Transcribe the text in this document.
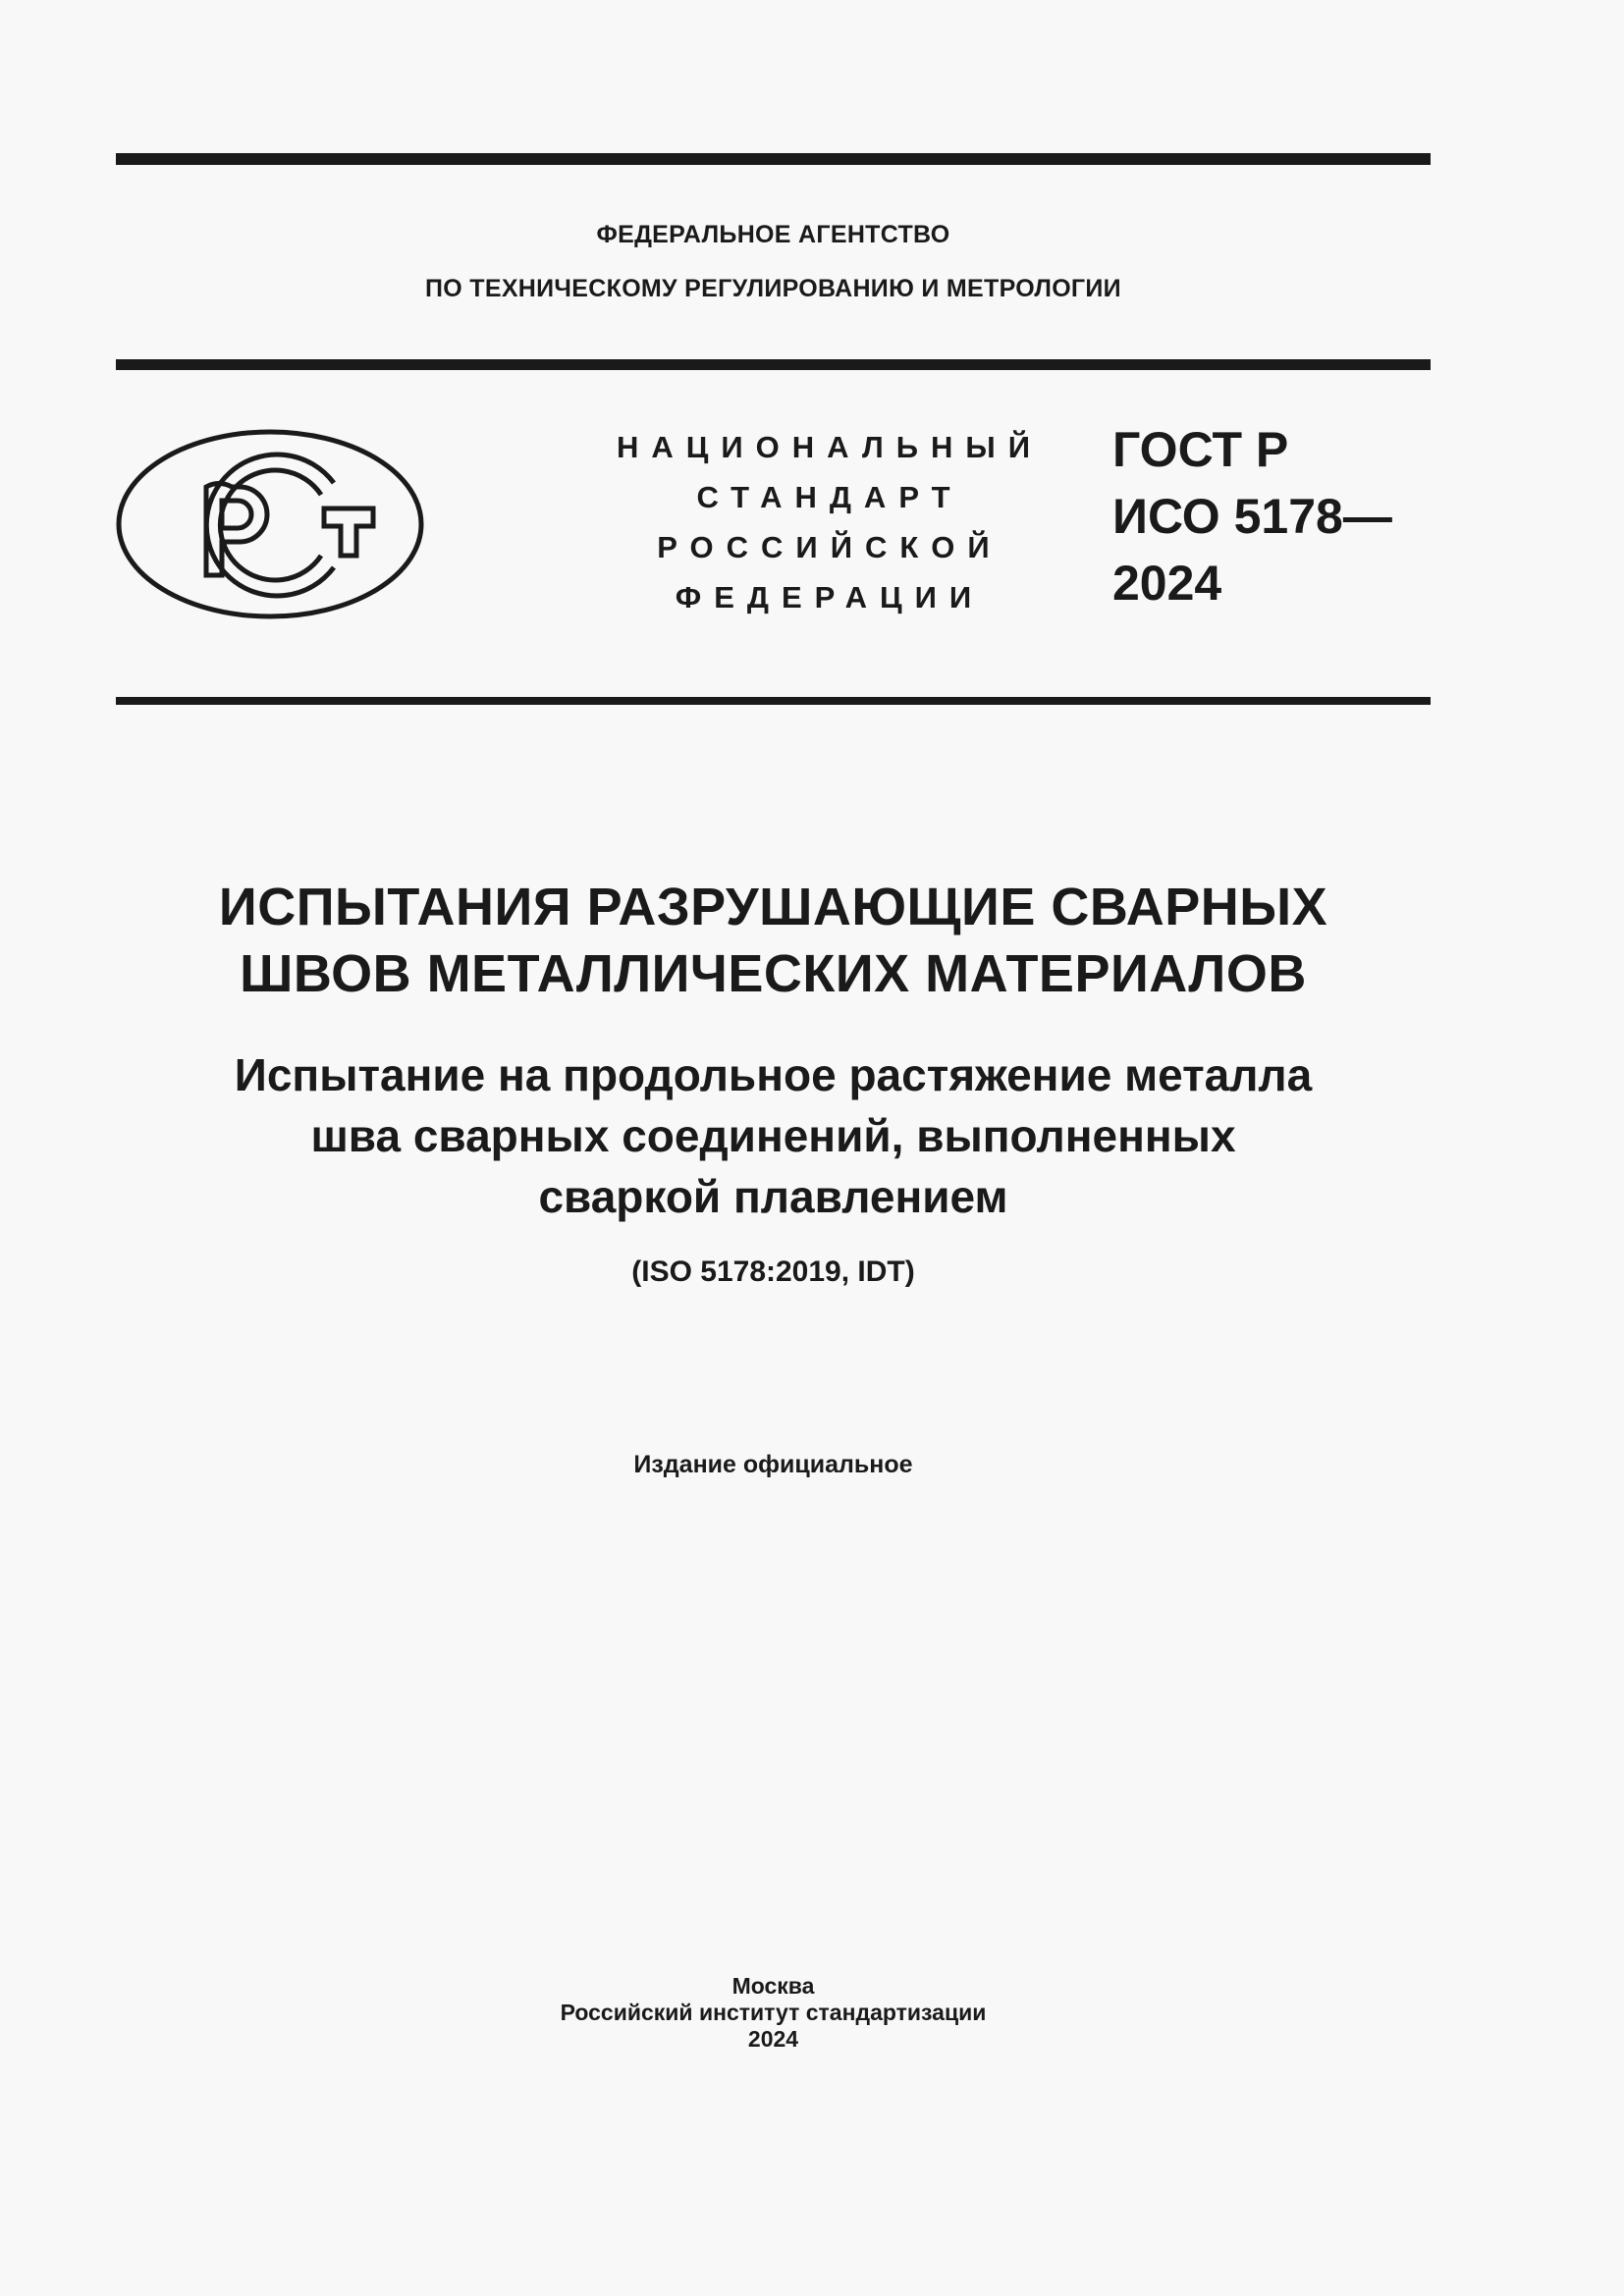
ФЕДЕРАЛЬНОЕ АГЕНТСТВО
ПО ТЕХНИЧЕСКОМУ РЕГУЛИРОВАНИЮ И МЕТРОЛОГИИ
НАЦИОНАЛЬНЫЙ
СТАНДАРТ
РОССИЙСКОЙ
ФЕДЕРАЦИИ
ГОСТ Р
ИСО 5178—
2024
ИСПЫТАНИЯ РАЗРУШАЮЩИЕ СВАРНЫХ
ШВОВ МЕТАЛЛИЧЕСКИХ МАТЕРИАЛОВ
Испытание на продольное растяжение металла
шва сварных соединений, выполненных
сваркой плавлением
(ISO 5178:2019, IDT)
Издание официальное
Москва
Российский институт стандартизации
2024
